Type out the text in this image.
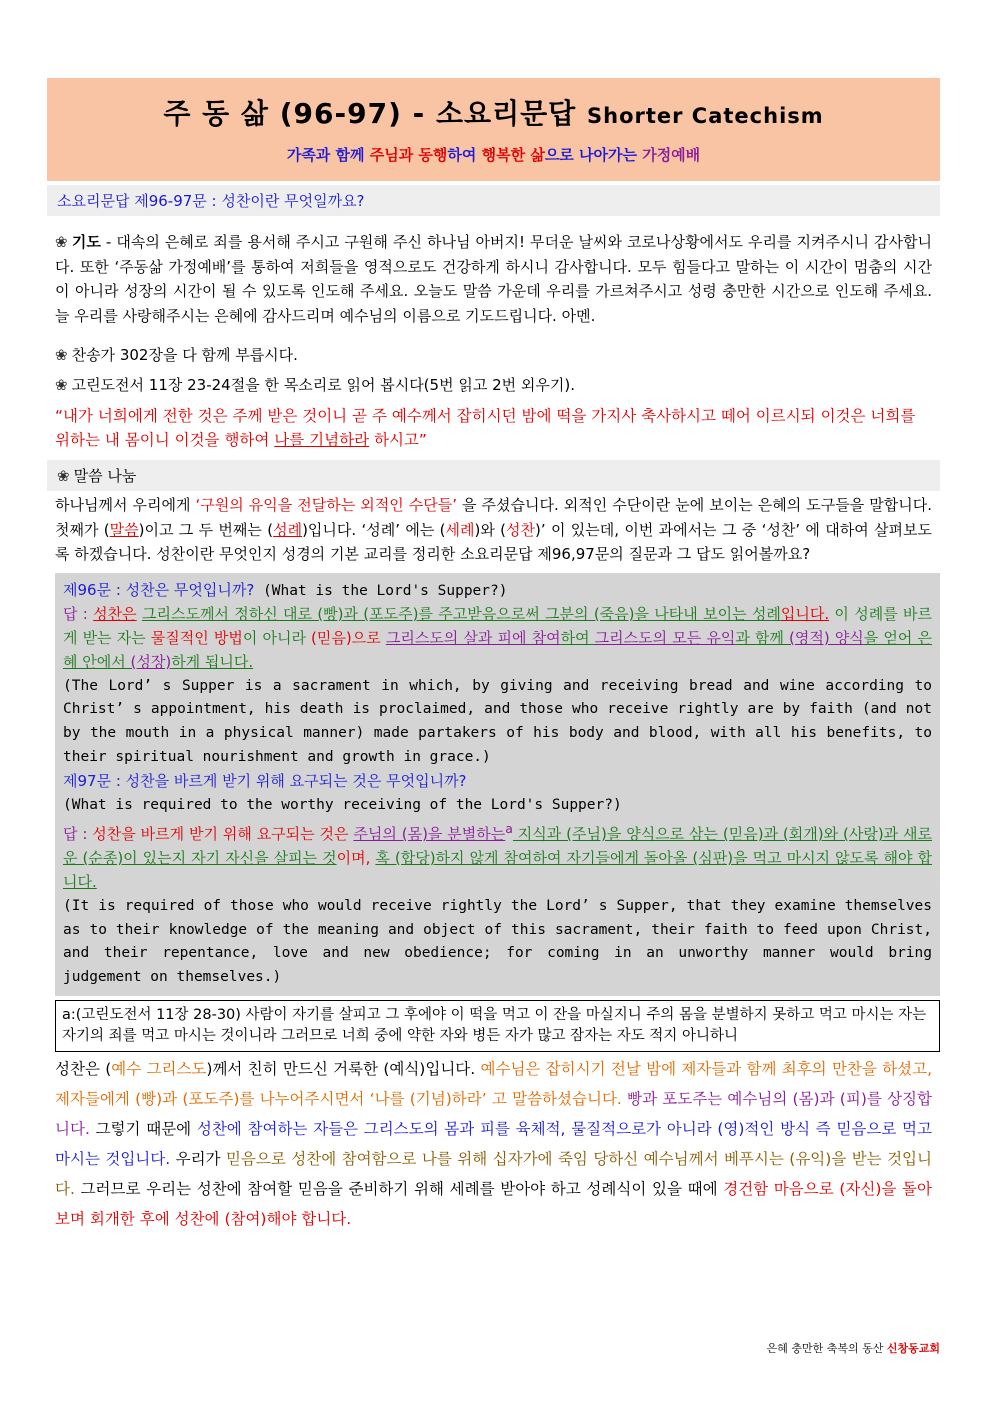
주 동 삶 (96-97) - 소요리문답 Shorter Catechism
가족과 함께 주님과 동행하여 행복한 삶으로 나아가는 가정예배
소요리문답 제96-97문 : 성찬이란 무엇일까요?
❀ 기도 - 대속의 은혜로 죄를 용서해 주시고 구원해 주신 하나님 아버지! 무더운 날씨와 코로나상황에서도 우리를 지켜주시니 감사합니다. 또한 ‘주동삶 가정예배’를 통하여 저희들을 영적으로도 건강하게 하시니 감사합니다. 모두 힘들다고 말하는 이 시간이 멈춤의 시간이 아니라 성장의 시간이 될 수 있도록 인도해 주세요. 오늘도 말씀 가운데 우리를 가르쳐주시고 성령 충만한 시간으로 인도해 주세요. 늘 우리를 사랑해주시는 은혜에 감사드리며 예수님의 이름으로 기도드립니다. 아멘.
❀ 찬송가 302장을 다 함께 부릅시다.
❀ 고린도전서 11장 23-24절을 한 목소리로 읽어 봅시다(5번 읽고 2번 외우기).
“내가 너희에게 전한 것은 주께 받은 것이니 곧 주 예수께서 잡히시던 밤에 떡을 가지사 축사하시고 떼어 이르시되 이것은 너희를 위하는 내 몸이니 이것을 행하여 나를 기념하라 하시고”
❀ 말씀 나눔
하나님께서 우리에게 ‘구원의 유익을 전달하는 외적인 수단들’ 을 주셨습니다. 외적인 수단이란 눈에 보이는 은혜의 도구들을 말합니다. 첫째가 (말씀)이고 그 두 번째는 (성례)입니다. ‘성례’ 에는 (세례)와 (성찬)’ 이 있는데, 이번 과에서는 그 중 ‘성찬’ 에 대하여 살펴보도록 하겠습니다. 성찬이란 무엇인지 성경의 기본 교리를 정리한 소요리문답 제96,97문의 질문과 그 답도 읽어볼까요?
제96문 : 성찬은 무엇입니까? (What is the Lord's Supper?)
답 : 성찬은 그리스도께서 정하신 대로 (빵)과 (포도주)를 주고받음으로써 그분의 (죽음)을 나타내 보이는 성례입니다. 이 성례를 바르게 받는 자는 물질적인 방법이 아니라 (믿음)으로 그리스도의 살과 피에 참여하여 그리스도의 모든 유익과 함께 (영적) 양식을 얻어 은혜 안에서 (성장)하게 됩니다.
(The Lord’ s Supper is a sacrament in which, by giving and receiving bread and wine according to Christ’ s appointment, his death is proclaimed, and those who receive rightly are by faith (and not by the mouth in a physical manner) made partakers of his body and blood, with all his benefits, to their spiritual nourishment and growth in grace.)
제97문 : 성찬을 바르게 받기 위해 요구되는 것은 무엇입니까?
(What is required to the worthy receiving of the Lord's Supper?)
답 : 성찬을 바르게 받기 위해 요구되는 것은 주님의 (몸)을 분별하는$^a$ 지식과 (주님)을 양식으로 삼는 (믿음)과 (회개)와 (사랑)과 새로운 (순종)이 있는지 자기 자신을 살피는 것이며, 혹 (합당)하지 않게 참여하여 자기들에게 돌아올 (심판)을 먹고 마시지 않도록 해야 합니다.
(It is required of those who would receive rightly the Lord’ s Supper, that they examine themselves as to their knowledge of the meaning and object of this sacrament, their faith to feed upon Christ, and their repentance, love and new obedience; for coming in an unworthy manner would bring judgement on themselves.)
a:(고린도전서 11장 28-30) 사람이 자기를 살피고 그 후에야 이 떡을 먹고 이 잔을 마실지니 주의 몸을 분별하지 못하고 먹고 마시는 자는 자기의 죄를 먹고 마시는 것이니라 그러므로 너희 중에 약한 자와 병든 자가 많고 잠자는 자도 적지 아니하니
성찬은 (예수 그리스도)께서 친히 만드신 거룩한 (예식)입니다. 예수님은 잡히시기 전날 밤에 제자들과 함께 최후의 만찬을 하셨고, 제자들에게 (빵)과 (포도주)를 나누어주시면서 ‘나를 (기념)하라’ 고 말씀하셨습니다. 빵과 포도주는 예수님의 (몸)과 (피)를 상징합니다. 그렇기 때문에 성찬에 참여하는 자들은 그리스도의 몸과 피를 육체적, 물질적으로가 아니라 (영)적인 방식 즉 믿음으로 먹고 마시는 것입니다. 우리가 믿음으로 성찬에 참여함으로 나를 위해 십자가에 죽임 당하신 예수님께서 베푸시는 (유익)을 받는 것입니다. 그러므로 우리는 성찬에 참여할 믿음을 준비하기 위해 세례를 받아야 하고 성례식이 있을 때에 경건함 마음으로 (자신)을 돌아보며 회개한 후에 성찬에 (참여)해야 합니다.
은혜 충만한 축복의 동산 신창동교회
